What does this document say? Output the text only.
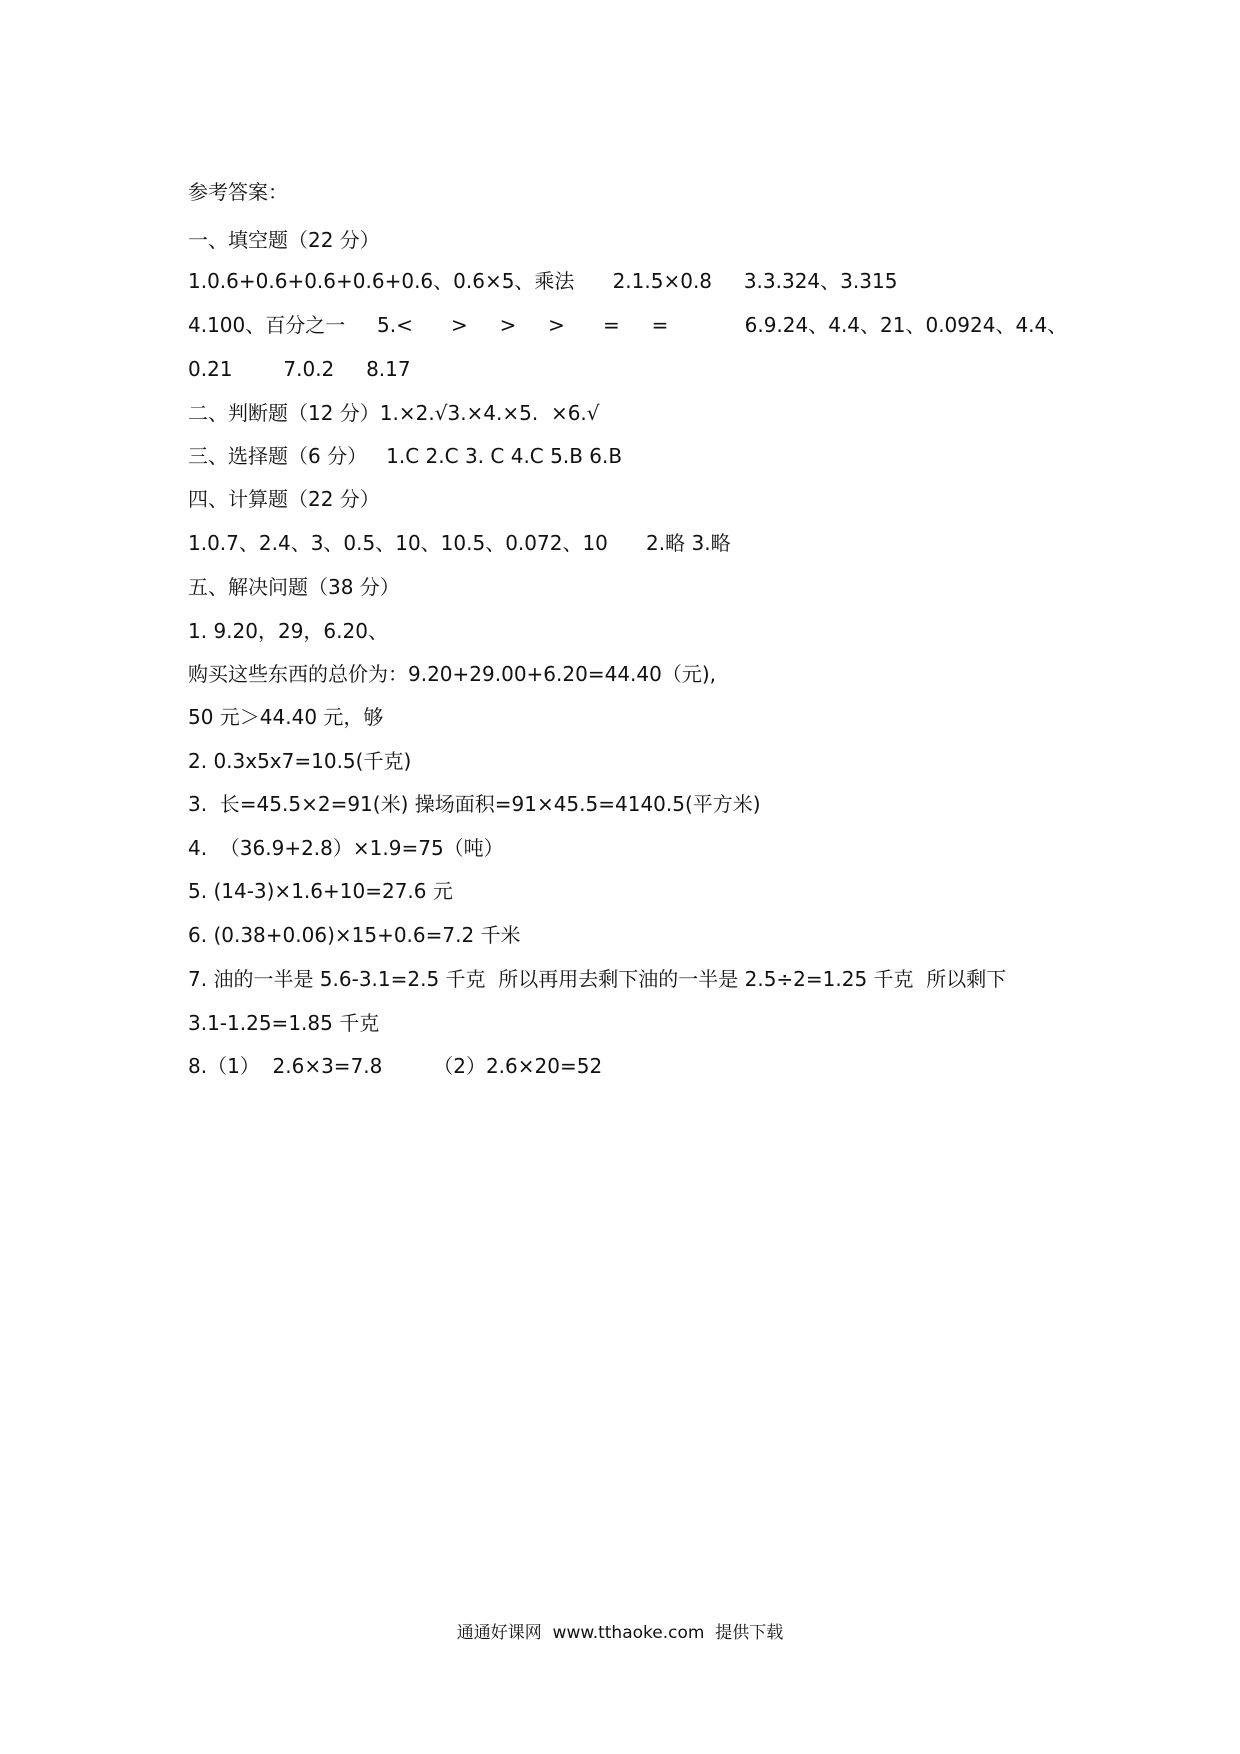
参考答案：
一、填空题（22 分）
1.0.6+0.6+0.6+0.6+0.6、0.6×5、乘法      2.1.5×0.8     3.3.324、3.315
4.100、百分之一     5.<      >     >     >      =     =            6.9.24、4.4、21、0.0924、4.4、
0.21        7.0.2     8.17
二、判断题（12 分）1.×2.√3.×4.×5.  ×6.√
三、选择题（6 分）   1.C 2.C 3. C 4.C 5.B 6.B
四、计算题（22 分）
1.0.7、2.4、3、0.5、10、10.5、0.072、10      2.略 3.略
五、解决问题（38 分）
1. 9.20，29，6.20、
购买这些东西的总价为：9.20+29.00+6.20=44.40（元),
50 元＞44.40 元，够
2. 0.3x5x7=10.5(千克)
3.  长=45.5×2=91(米) 操场面积=91×45.5=4140.5(平方米)
4.  （36.9+2.8）×1.9=75（吨）
5. (14-3)×1.6+10=27.6 元
6. (0.38+0.06)×15+0.6=7.2 千米
7. 油的一半是 5.6-3.1=2.5 千克  所以再用去剩下油的一半是 2.5÷2=1.25 千克  所以剩下
3.1-1.25=1.85 千克
8.（1）  2.6×3=7.8        （2）2.6×20=52
通通好课网  www.tthaoke.com  提供下载
